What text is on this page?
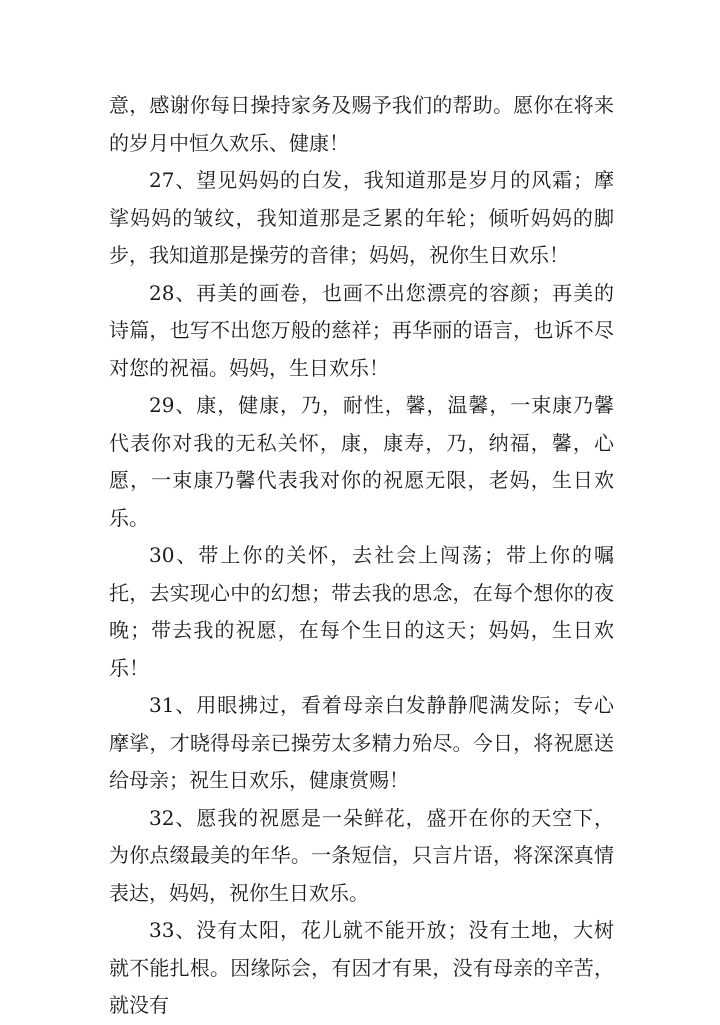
意，感谢你每日操持家务及赐予我们的帮助。愿你在将来的岁月中恒久欢乐、健康！

27、望见妈妈的白发，我知道那是岁月的风霜；摩挲妈妈的皱纹，我知道那是乏累的年轮；倾听妈妈的脚步，我知道那是操劳的音律；妈妈，祝你生日欢乐！

28、再美的画卷，也画不出您漂亮的容颜；再美的诗篇，也写不出您万般的慈祥；再华丽的语言，也诉不尽对您的祝福。妈妈，生日欢乐！

29、康，健康，乃，耐性，馨，温馨，一束康乃馨代表你对我的无私关怀，康，康寿，乃，纳福，馨，心愿，一束康乃馨代表我对你的祝愿无限，老妈，生日欢乐。

30、带上你的关怀，去社会上闯荡；带上你的嘱托，去实现心中的幻想；带去我的思念，在每个想你的夜晚；带去我的祝愿，在每个生日的这天；妈妈，生日欢乐！

31、用眼拂过，看着母亲白发静静爬满发际；专心摩挲，才晓得母亲已操劳太多精力殆尽。今日，将祝愿送给母亲；祝生日欢乐，健康赏赐！

32、愿我的祝愿是一朵鲜花，盛开在你的天空下，为你点缀最美的年华。一条短信，只言片语，将深深真情表达，妈妈，祝你生日欢乐。

33、没有太阳，花儿就不能开放；没有土地，大树就不能扎根。因缘际会，有因才有果，没有母亲的辛苦，就没有
